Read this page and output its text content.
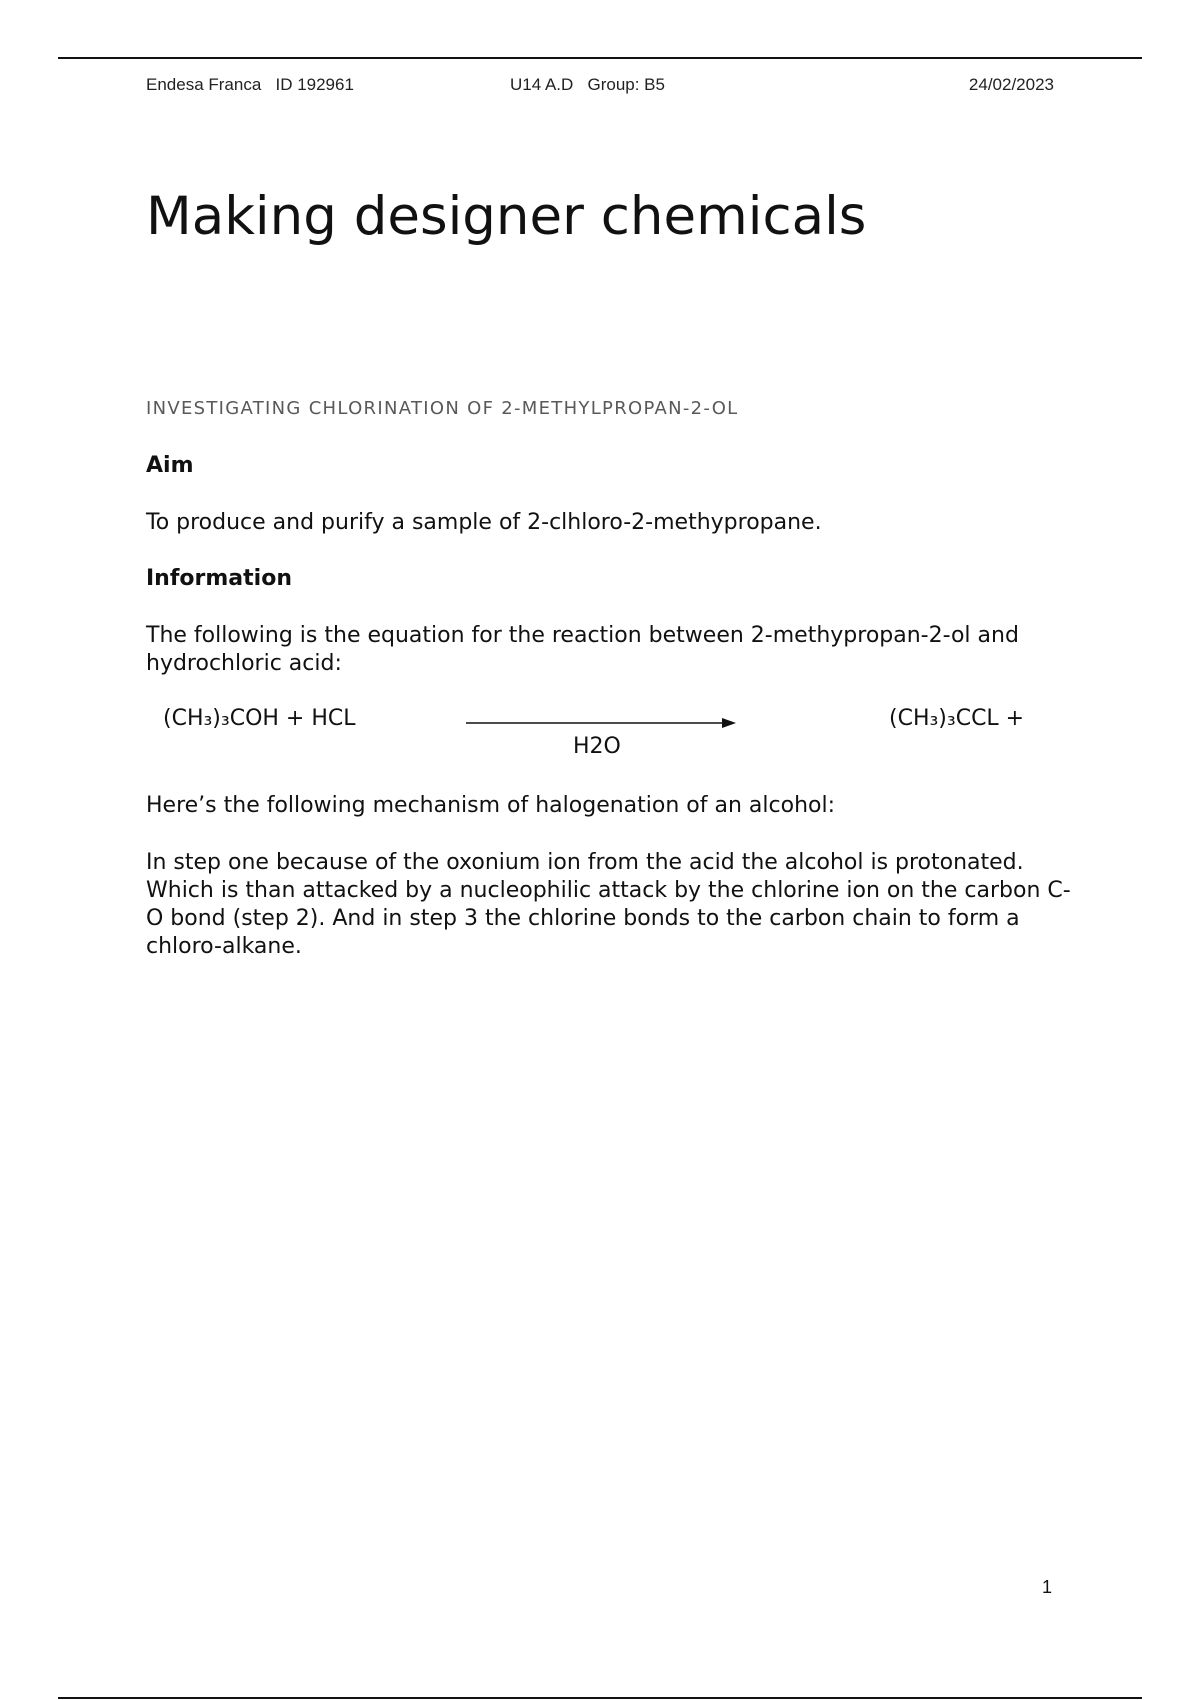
Endesa Franca ID 192961	U14 A.D Group: B5	24/02/2023
Making designer chemicals
INVESTIGATING CHLORINATION OF 2-METHYLPROPAN-2-OL

Aim

To produce and purify a sample of 2-clhloro-2-methypropane.

Information

The following is the equation for the reaction between 2-methypropan-2-ol and hydrochloric acid:

(CH₃)₃COH + HCL
H2O
(CH₃)₃CCL +

Here’s the following mechanism of halogenation of an alcohol:

In step one because of the oxonium ion from the acid the alcohol is protonated. Which is than attacked by a nucleophilic attack by the chlorine ion on the carbon C-O bond (step 2). And in step 3 the chlorine bonds to the carbon chain to form a chloro-alkane.

1
